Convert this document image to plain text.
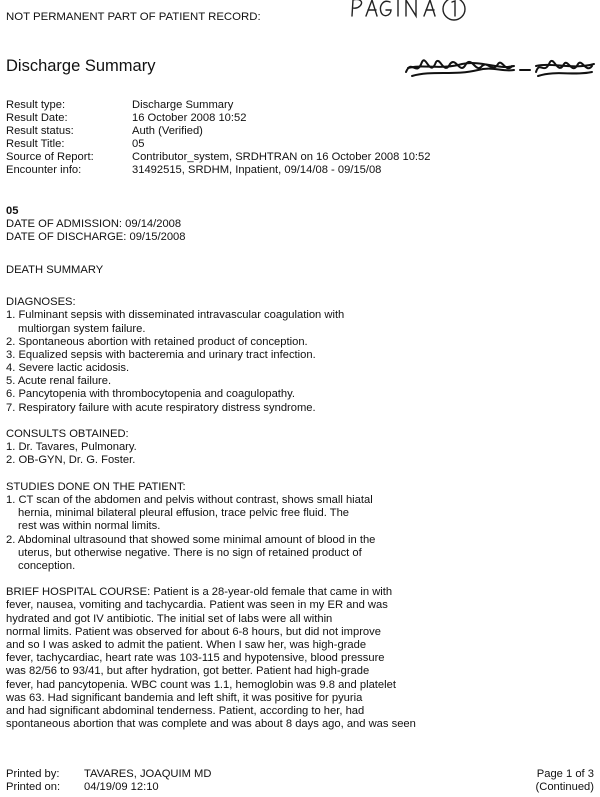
NOT PERMANENT PART OF PATIENT RECORD:
Discharge Summary
Result type:	Discharge Summary
Result Date:	16 October 2008 10:52
Result status:	Auth (Verified)
Result Title:	05
Source of Report:	Contributor_system, SRDHTRAN on 16 October 2008 10:52
Encounter info:	31492515, SRDHM, Inpatient, 09/14/08 - 09/15/08
05
DATE OF ADMISSION: 09/14/2008
DATE OF DISCHARGE: 09/15/2008
DEATH SUMMARY
DIAGNOSES:
1. Fulminant sepsis with disseminated intravascular coagulation with
multiorgan system failure.
2. Spontaneous abortion with retained product of conception.
3. Equalized sepsis with bacteremia and urinary tract infection.
4. Severe lactic acidosis.
5. Acute renal failure.
6. Pancytopenia with thrombocytopenia and coagulopathy.
7. Respiratory failure with acute respiratory distress syndrome.
CONSULTS OBTAINED:
1. Dr. Tavares, Pulmonary.
2. OB-GYN, Dr. G. Foster.
STUDIES DONE ON THE PATIENT:
1. CT scan of the abdomen and pelvis without contrast, shows small hiatal
hernia, minimal bilateral pleural effusion, trace pelvic free fluid. The
rest was within normal limits.
2. Abdominal ultrasound that showed some minimal amount of blood in the
uterus, but otherwise negative. There is no sign of retained product of
conception.
BRIEF HOSPITAL COURSE: Patient is a 28-year-old female that came in with
fever, nausea, vomiting and tachycardia. Patient was seen in my ER and was
hydrated and got IV antibiotic. The initial set of labs were all within
normal limits. Patient was observed for about 6-8 hours, but did not improve
and so I was asked to admit the patient. When I saw her, was high-grade
fever, tachycardiac, heart rate was 103-115 and hypotensive, blood pressure
was 82/56 to 93/41, but after hydration, got better. Patient had high-grade
fever, had pancytopenia. WBC count was 1.1, hemoglobin was 9.8 and platelet
was 63. Had significant bandemia and left shift, it was positive for pyuria
and had significant abdominal tenderness. Patient, according to her, had
spontaneous abortion that was complete and was about 8 days ago, and was seen
Printed by:	TAVARES, JOAQUIM MD	Page 1 of 3
Printed on:	04/19/09 12:10	(Continued)
